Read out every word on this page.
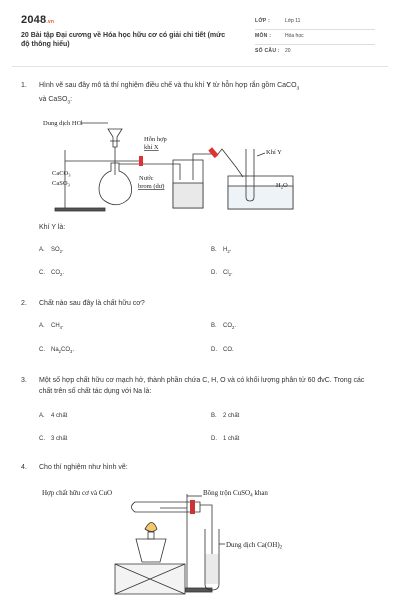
2048.vn
20 Bài tập Đại cương về Hóa học hữu cơ có giải chi tiết (mức độ thông hiểu)
LỚP :	Lớp 11
MÔN :	Hóa học
SỐ CÂU : 20
1.	Hình vẽ sau đây mô tả thí nghiệm điều chế và thu khí Y từ hỗn hợp rắn gồm CaCO$_3$
và CaSO$_3$:
Dung dịch HCl
Hỗn hợp
khí X
CaCO$_3$
CaSO$_3$
Nước
brom (dư)
Khí Y
$H_2O$
Khí Y là:
A. $SO_2$.	B. $H_2$.
C. $CO_2$.	D. $Cl_2$.
2.	Chất nào sau đây là chất hữu cơ?
A. $CH_4$.	B. $CO_2$.
C. $Na_2CO_3$.	D. CO.
3.	Một số hợp chất hữu cơ mạch hở, thành phần chứa C, H, O và có khối lượng phân tử 60 đvC. Trong các chất trên số chất tác dụng với Na là:
A. 4 chất	B. 2 chất
C. 3 chất	D. 1 chất
4.	Cho thí nghiệm như hình vẽ:
Hợp chất hữu cơ và CuO	Bông trộn CuSO$_4$ khan
Dung dịch $Ca(OH)_2$
